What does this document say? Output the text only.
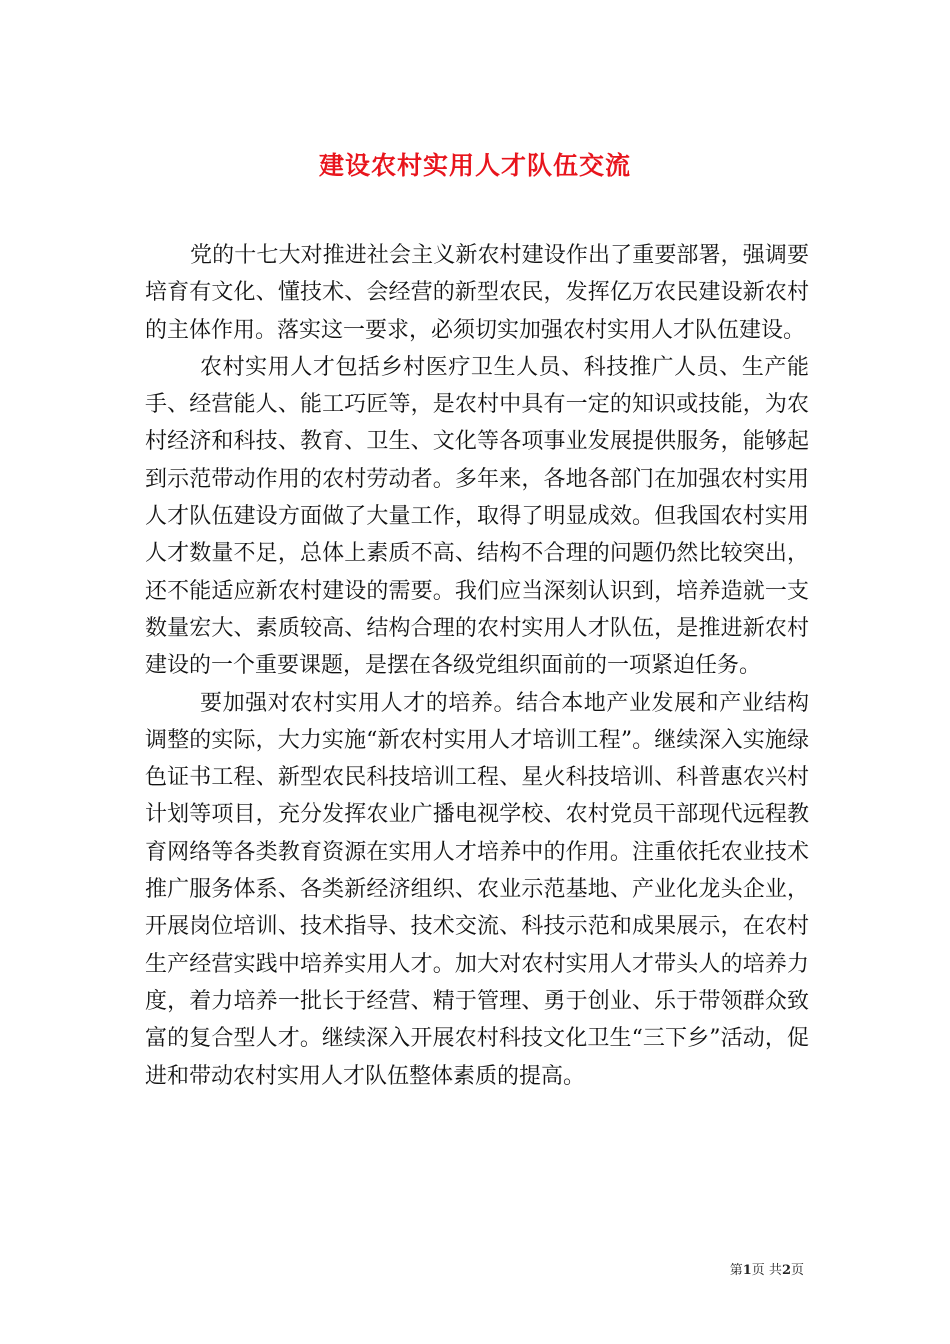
建设农村实用人才队伍交流

党的十七大对推进社会主义新农村建设作出了重要部署，强调要培育有文化、懂技术、会经营的新型农民，发挥亿万农民建设新农村的主体作用。落实这一要求，必须切实加强农村实用人才队伍建设。

农村实用人才包括乡村医疗卫生人员、科技推广人员、生产能手、经营能人、能工巧匠等，是农村中具有一定的知识或技能，为农村经济和科技、教育、卫生、文化等各项事业发展提供服务，能够起到示范带动作用的农村劳动者。多年来，各地各部门在加强农村实用人才队伍建设方面做了大量工作，取得了明显成效。但我国农村实用人才数量不足，总体上素质不高、结构不合理的问题仍然比较突出，还不能适应新农村建设的需要。我们应当深刻认识到，培养造就一支数量宏大、素质较高、结构合理的农村实用人才队伍，是推进新农村建设的一个重要课题，是摆在各级党组织面前的一项紧迫任务。

要加强对农村实用人才的培养。结合本地产业发展和产业结构调整的实际，大力实施“新农村实用人才培训工程”。继续深入实施绿色证书工程、新型农民科技培训工程、星火科技培训、科普惠农兴村计划等项目，充分发挥农业广播电视学校、农村党员干部现代远程教育网络等各类教育资源在实用人才培养中的作用。注重依托农业技术推广服务体系、各类新经济组织、农业示范基地、产业化龙头企业，开展岗位培训、技术指导、技术交流、科技示范和成果展示，在农村生产经营实践中培养实用人才。加大对农村实用人才带头人的培养力度，着力培养一批长于经营、精于管理、勇于创业、乐于带领群众致富的复合型人才。继续深入开展农村科技文化卫生“三下乡”活动，促进和带动农村实用人才队伍整体素质的提高。

第1页 共2页
